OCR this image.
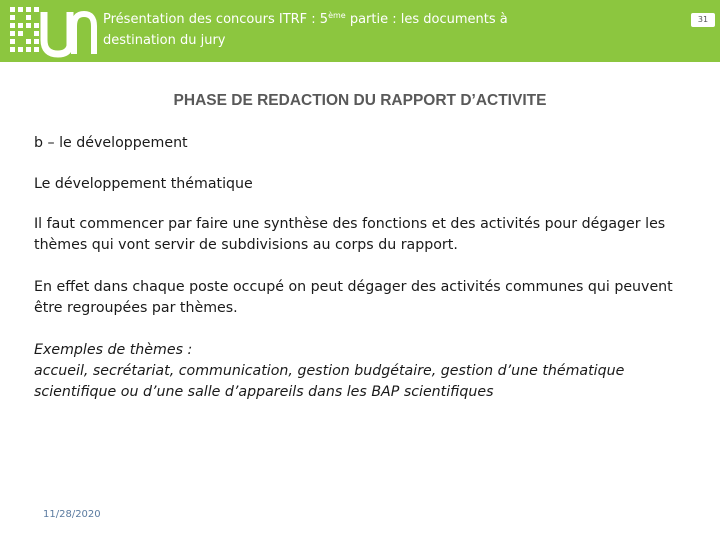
Présentation des concours ITRF : 5ème partie : les documents à
destination du jury
31
PHASE DE REDACTION DU RAPPORT D’ACTIVITE

b – le développement

Le développement thématique

Il faut commencer par faire une synthèse des fonctions et des activités pour dégager les
thèmes qui vont servir de subdivisions au corps du rapport.

En effet dans chaque poste occupé on peut dégager des activités communes qui peuvent
être regroupées par thèmes.

Exemples de thèmes :
accueil, secrétariat, communication, gestion budgétaire, gestion d’une thématique
scientifique ou d’une salle d’appareils dans les BAP scientifiques

11/28/2020
